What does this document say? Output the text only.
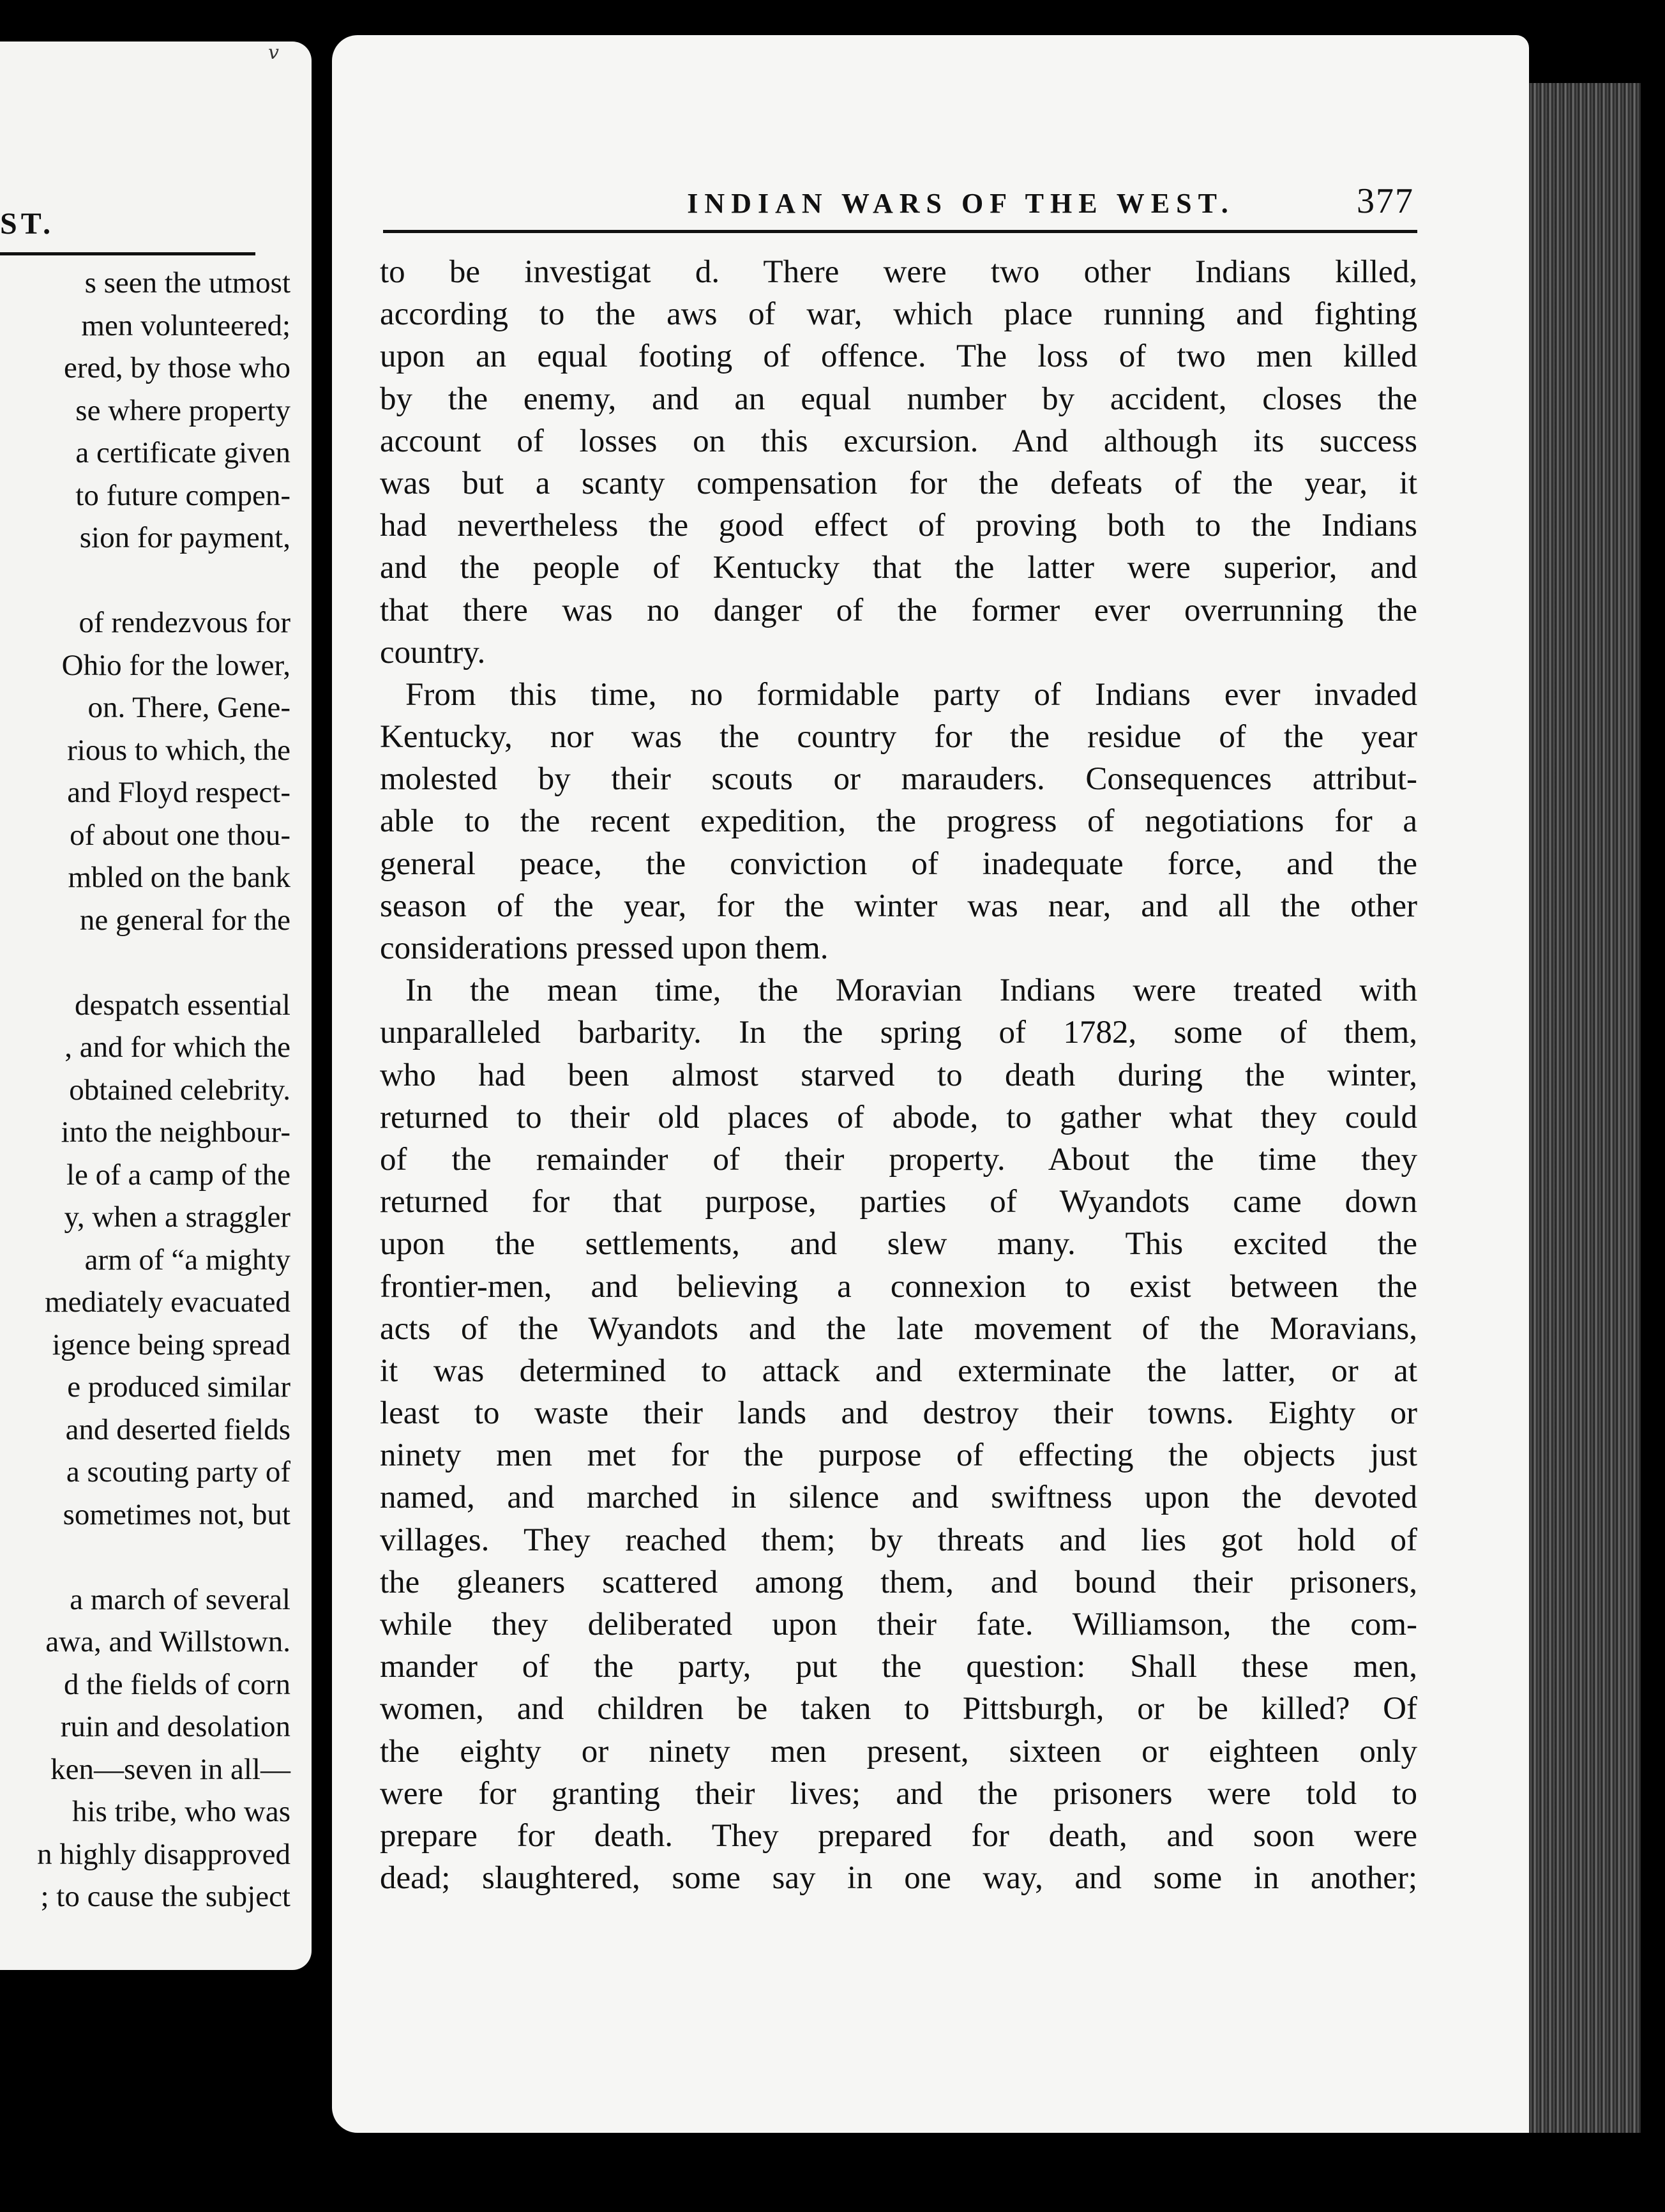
v
ST.
s seen the utmost
men volunteered;
ered, by those who
se where property
a certificate given
to future compen-
sion for payment,
of rendezvous for
Ohio for the lower,
on. There, Gene-
rious to which, the
and Floyd respect-
of about one thou-
mbled on the bank
ne general for the
despatch essential
, and for which the
obtained celebrity.
into the neighbour-
le of a camp of the
y, when a straggler
arm of “a mighty
mediately evacuated
igence being spread
e produced similar
and deserted fields
a scouting party of
sometimes not, but
a march of several
awa, and Willstown.
d the fields of corn
ruin and desolation
ken—seven in all—
his tribe, who was
n highly disapproved
; to cause the subject
INDIAN WARS OF THE WEST.	377
to be investigat d. There were two other Indians killed,
according to the aws of war, which place running and fighting
upon an equal footing of offence. The loss of two men killed
by the enemy, and an equal number by accident, closes the
account of losses on this excursion. And although its success
was but a scanty compensation for the defeats of the year, it
had nevertheless the good effect of proving both to the Indians
and the people of Kentucky that the latter were superior, and
that there was no danger of the former ever overrunning the
country.
From this time, no formidable party of Indians ever invaded
Kentucky, nor was the country for the residue of the year
molested by their scouts or marauders. Consequences attribut-
able to the recent expedition, the progress of negotiations for a
general peace, the conviction of inadequate force, and the
season of the year, for the winter was near, and all the other
considerations pressed upon them.
In the mean time, the Moravian Indians were treated with
unparalleled barbarity. In the spring of 1782, some of them,
who had been almost starved to death during the winter,
returned to their old places of abode, to gather what they could
of the remainder of their property. About the time they
returned for that purpose, parties of Wyandots came down
upon the settlements, and slew many. This excited the
frontier-men, and believing a connexion to exist between the
acts of the Wyandots and the late movement of the Moravians,
it was determined to attack and exterminate the latter, or at
least to waste their lands and destroy their towns. Eighty or
ninety men met for the purpose of effecting the objects just
named, and marched in silence and swiftness upon the devoted
villages. They reached them; by threats and lies got hold of
the gleaners scattered among them, and bound their prisoners,
while they deliberated upon their fate. Williamson, the com-
mander of the party, put the question: Shall these men,
women, and children be taken to Pittsburgh, or be killed? Of
the eighty or ninety men present, sixteen or eighteen only
were for granting their lives; and the prisoners were told to
prepare for death. They prepared for death, and soon were
dead; slaughtered, some say in one way, and some in another;
